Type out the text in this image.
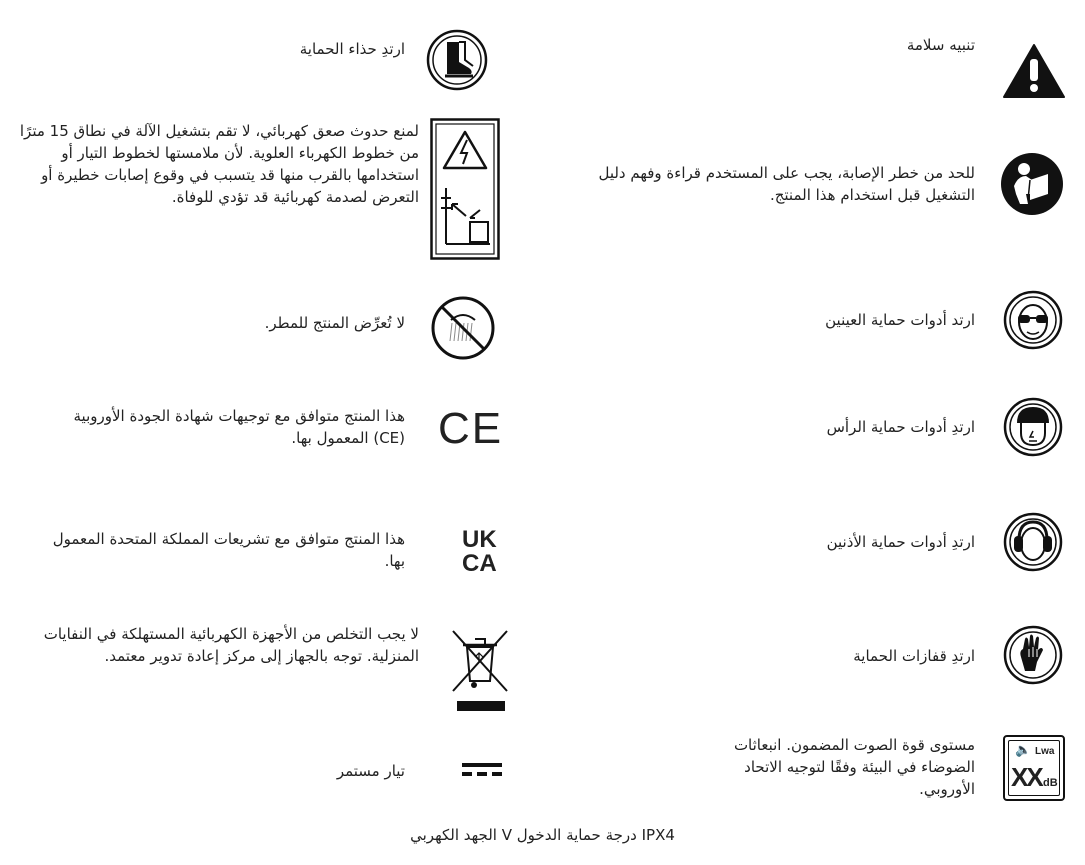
تنبيه سلامة
للحد من خطر الإصابة، يجب على المستخدم قراءة وفهم دليل التشغيل قبل استخدام هذا المنتج.
ارتد أدوات حماية العينين
ارتدِ أدوات حماية الرأس
ارتدِ أدوات حماية الأذنين
ارتدِ قفازات الحماية
🔈 Lwa
XX dB
مستوى قوة الصوت المضمون. انبعاثات الضوضاء في البيئة وفقًا لتوجيه الاتحاد الأوروبي.
ارتدِ حذاء الحماية
لمنع حدوث صعق كهربائي، لا تقم بتشغيل الآلة في نطاق 15 مترًا من خطوط الكهرباء العلوية. لأن ملامستها لخطوط التيار أو استخدامها بالقرب منها قد يتسبب في وقوع إصابات خطيرة أو التعرض لصدمة كهربائية قد تؤدي للوفاة.
لا تُعرِّض المنتج للمطر.
CE
هذا المنتج متوافق مع توجيهات شهادة الجودة الأوروبية (CE) المعمول بها.
UK
CA
هذا المنتج متوافق مع تشريعات المملكة المتحدة المعمول بها.
لا يجب التخلص من الأجهزة الكهربائية المستهلكة في النفايات المنزلية. توجه بالجهاز إلى مركز إعادة تدوير معتمد.
تيار مستمر
IPX4 درجة حماية الدخول V الجهد الكهربي
